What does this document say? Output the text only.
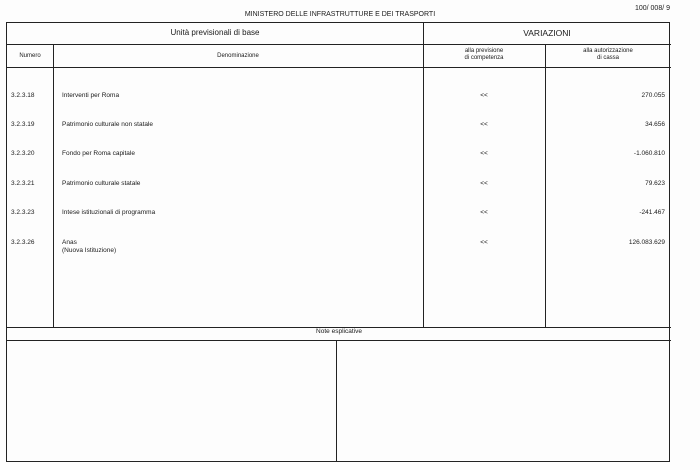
100/ 008/ 9
MINISTERO DELLE INFRASTRUTTURE E DEI TRASPORTI
Unità previsionali di base	VARIAZIONI
Numero	Denominazione
alla previsione
di competenza
alla autorizzazione
di cassa
3.2.3.18	Interventi per Roma	<<	270.055
3.2.3.19	Patrimonio culturale non statale	<<	34.656
3.2.3.20	Fondo per Roma capitale	<<	-1.060.810
3.2.3.21	Patrimonio culturale statale	<<	79.623
3.2.3.23	Intese istituzionali di programma	<<	-241.467
3.2.3.26	Anas
(Nuova Istituzione)
<<	126.083.629
Note esplicative
